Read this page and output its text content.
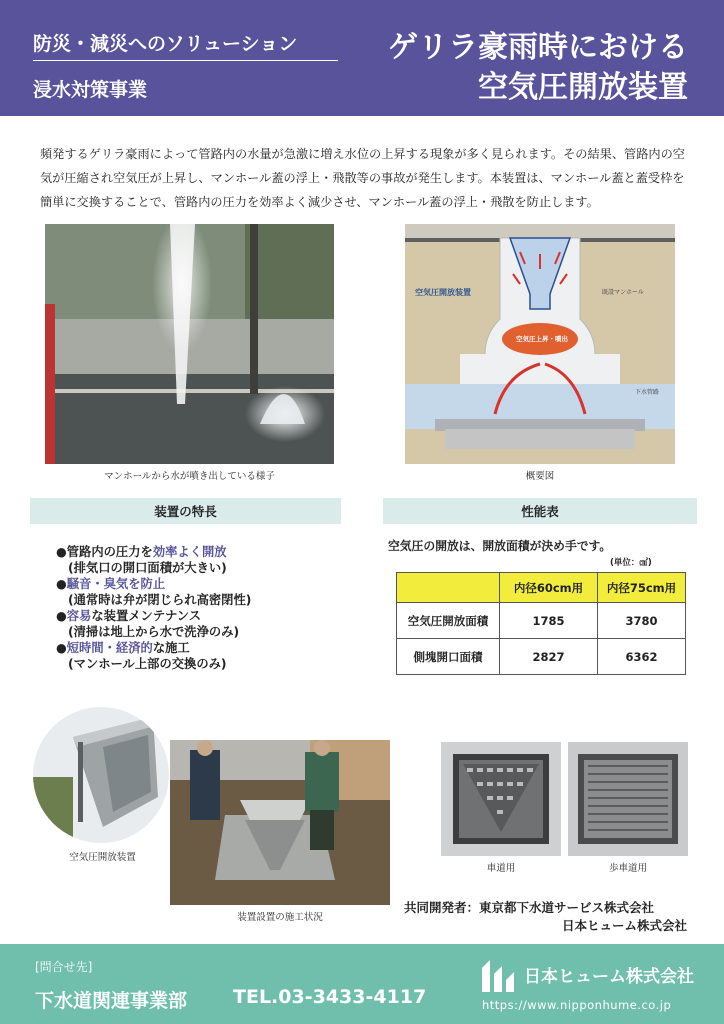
防災・減災へのソリューション
浸水対策事業
ゲリラ豪雨時における
空気圧開放装置
頻発するゲリラ豪雨によって管路内の水量が急激に増え水位の上昇する現象が多く見られます。その結果、管路内の空気が圧縮され空気圧が上昇し、マンホール蓋の浮上・飛散等の事故が発生します。本装置は、マンホール蓋と蓋受枠を簡単に交換することで、管路内の圧力を効率よく減少させ、マンホール蓋の浮上・飛散を防止します。
マンホールから水が噴き出している様子
空気圧開放装置	既設マンホール
空気圧上昇・噴出
下水管路
概要図
装置の特長
●管路内の圧力を効率よく開放
(排気口の開口面積が大きい)
●騒音・臭気を防止
(通常時は弁が閉じられ高密閉性)
●容易な装置メンテナンス
(清掃は地上から水で洗浄のみ)
●短時間・経済的な施工
(マンホール上部の交換のみ)
性能表
空気圧の開放は、開放面積が決め手です。
(単位：㎠)
	内径60cm用	内径75cm用
空気圧開放面積	1785	3780
側塊開口面積	2827	6362
空気圧開放装置
装置設置の施工状況
車道用	歩車道用
共同開発者：東京都下水道サービス株式会社
日本ヒューム株式会社
[問合せ先]
下水道関連事業部 TEL.03-3433-4117
日本ヒューム株式会社
https://www.nipponhume.co.jp
